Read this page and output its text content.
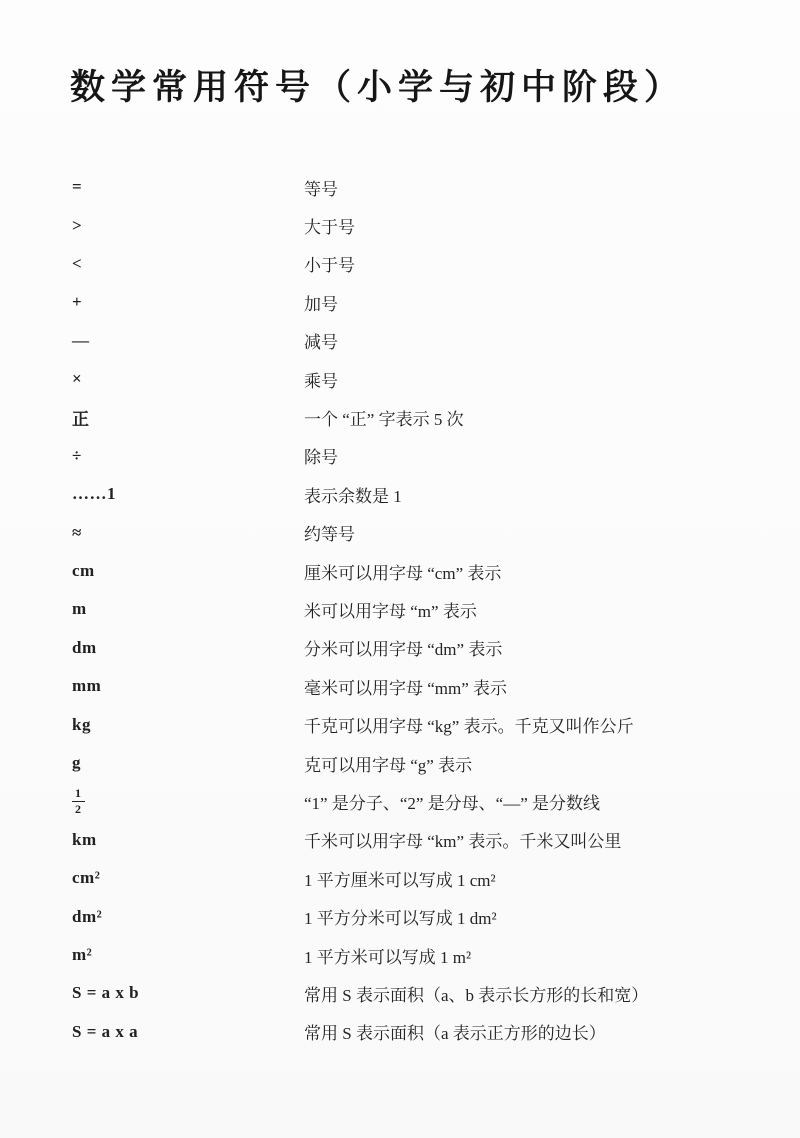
数学常用符号（小学与初中阶段）
=	等号
>	大于号
<	小于号
+	加号
—	减号
×	乘号
正	一个 “正” 字表示 5 次
÷	除号
……1	表示余数是 1
≈	约等号
cm	厘米可以用字母 “cm” 表示
m	米可以用字母 “m” 表示
dm	分米可以用字母 “dm” 表示
mm	毫米可以用字母 “mm” 表示
kg	千克可以用字母 “kg” 表示。千克又叫作公斤
g	克可以用字母 “g” 表示
$\frac{1}{2}$	“1” 是分子、“2” 是分母、“—” 是分数线
km	千米可以用字母 “km” 表示。千米又叫公里
cm²	1 平方厘米可以写成 1 cm²
dm²	1 平方分米可以写成 1 dm²
m²	1 平方米可以写成 1 m²
S = a x b	常用 S 表示面积（a、b 表示长方形的长和宽）
S = a x a	常用 S 表示面积（a 表示正方形的边长）
